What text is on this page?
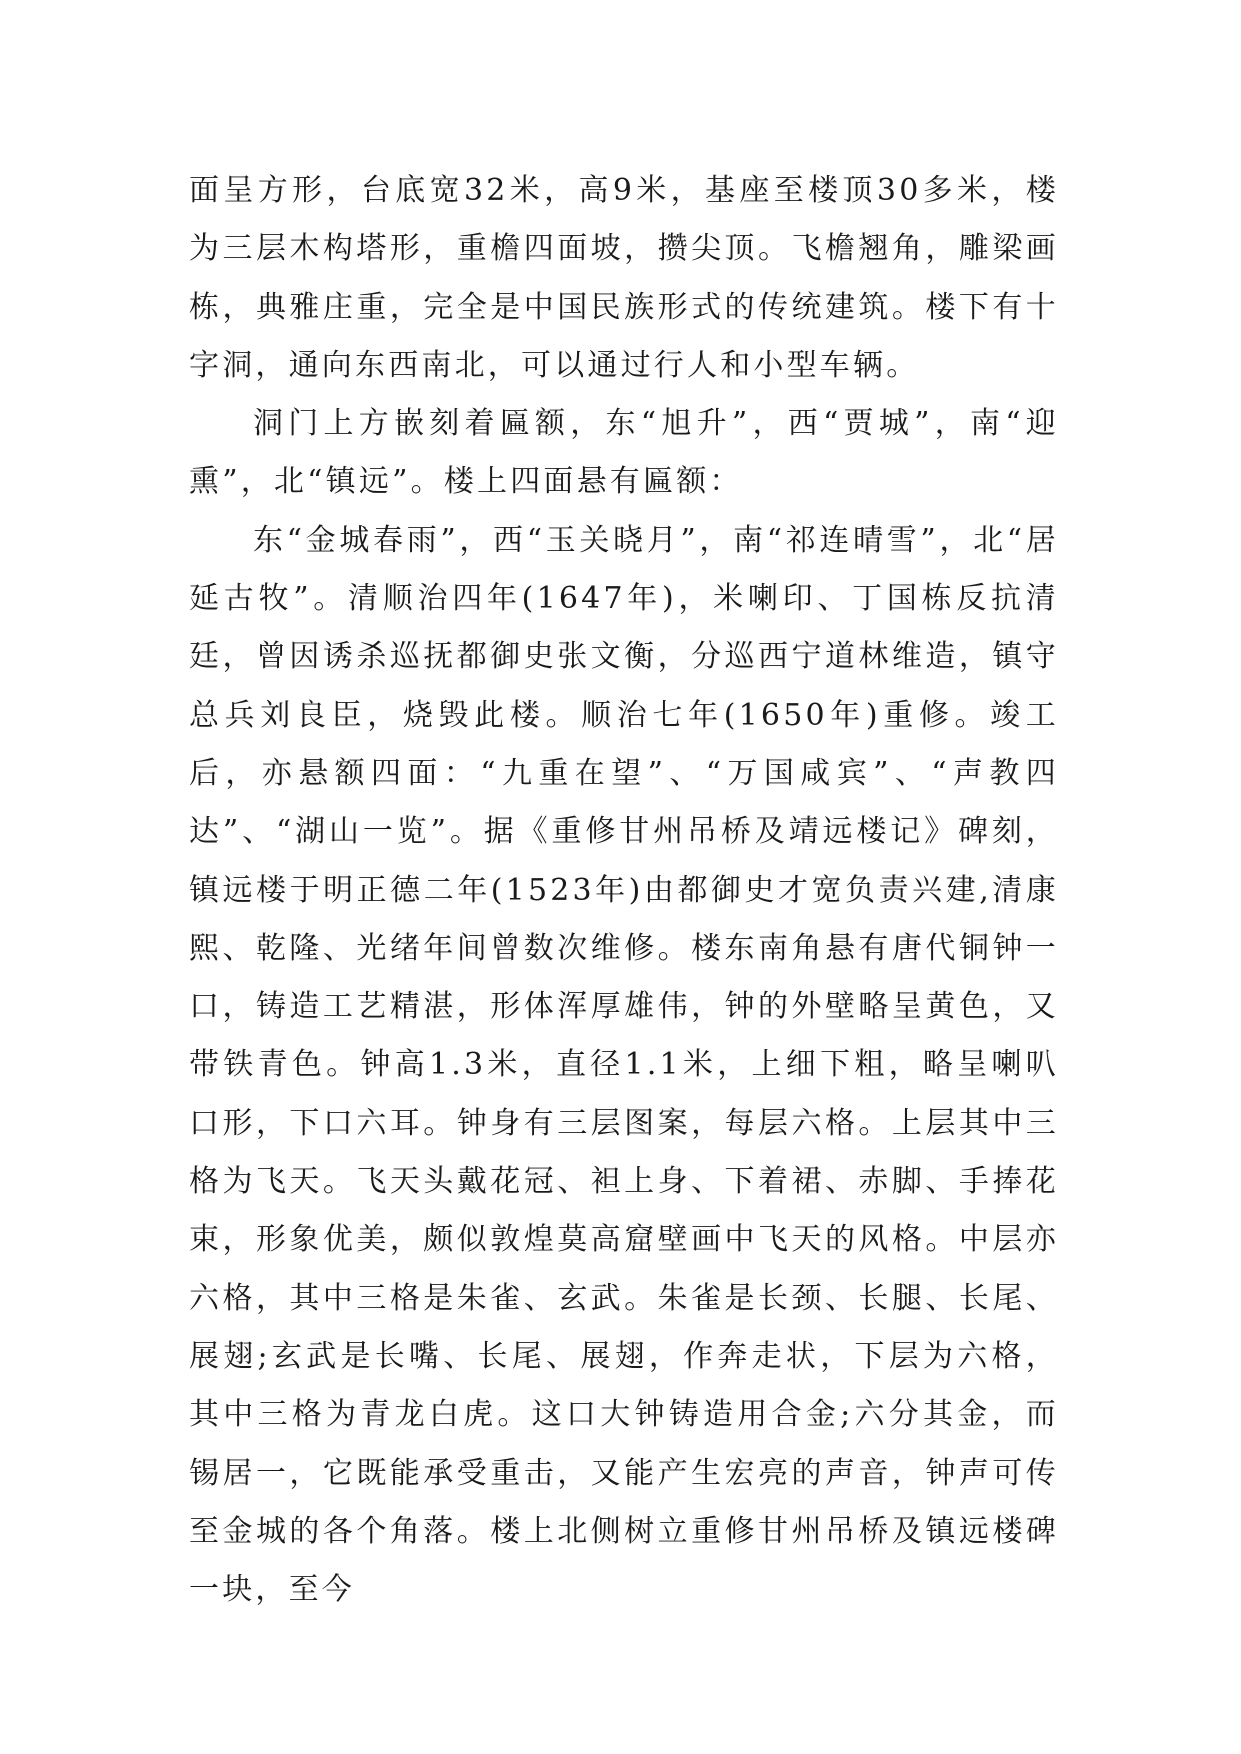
面呈方形，台底宽32米，高9米，基座至楼顶30多米，楼为三层木构塔形，重檐四面坡，攒尖顶。飞檐翘角，雕梁画栋，典雅庄重，完全是中国民族形式的传统建筑。楼下有十字洞，通向东西南北，可以通过行人和小型车辆。

洞门上方嵌刻着匾额，东“旭升”，西“贾城”，南“迎熏”，北“镇远”。楼上四面悬有匾额：

东“金城春雨”，西“玉关晓月”，南“祁连晴雪”，北“居延古牧”。清顺治四年(1647年)，米喇印、丁国栋反抗清廷，曾因诱杀巡抚都御史张文衡，分巡西宁道林维造，镇守总兵刘良臣，烧毁此楼。顺治七年(1650年)重修。竣工后，亦悬额四面：“九重在望”、“万国咸宾”、“声教四达”、“湖山一览”。据《重修甘州吊桥及靖远楼记》碑刻，镇远楼于明正德二年(1523年)由都御史才宽负责兴建,清康熙、乾隆、光绪年间曾数次维修。楼东南角悬有唐代铜钟一口，铸造工艺精湛，形体浑厚雄伟，钟的外壁略呈黄色，又带铁青色。钟高1.3米，直径1.1米，上细下粗，略呈喇叭口形，下口六耳。钟身有三层图案，每层六格。上层其中三格为飞天。飞天头戴花冠、袒上身、下着裙、赤脚、手捧花束，形象优美，颇似敦煌莫高窟壁画中飞天的风格。中层亦六格，其中三格是朱雀、玄武。朱雀是长颈、长腿、长尾、展翅;玄武是长嘴、长尾、展翅，作奔走状，下层为六格，其中三格为青龙白虎。这口大钟铸造用合金;六分其金，而锡居一，它既能承受重击，又能产生宏亮的声音，钟声可传至金城的各个角落。楼上北侧树立重修甘州吊桥及镇远楼碑一块，至今
